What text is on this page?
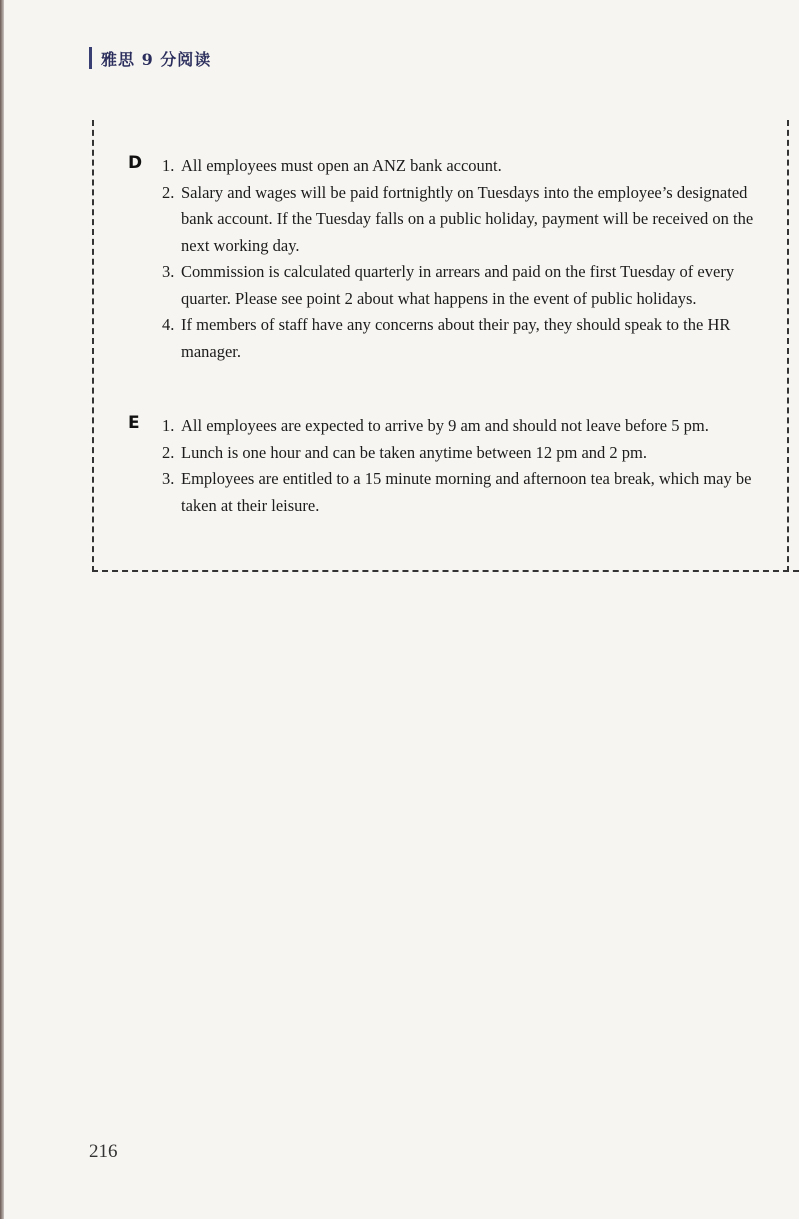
雅思 9 分阅读
D 1. All employees must open an ANZ bank account.
2. Salary and wages will be paid fortnightly on Tuesdays into the employee’s designated bank account. If the Tuesday falls on a public holiday, payment will be received on the next working day.
3. Commission is calculated quarterly in arrears and paid on the first Tuesday of every quarter. Please see point 2 about what happens in the event of public holidays.
4. If members of staff have any concerns about their pay, they should speak to the HR manager.
E 1. All employees are expected to arrive by 9 am and should not leave before 5 pm.
2. Lunch is one hour and can be taken anytime between 12 pm and 2 pm.
3. Employees are entitled to a 15 minute morning and afternoon tea break, which may be taken at their leisure.
216
